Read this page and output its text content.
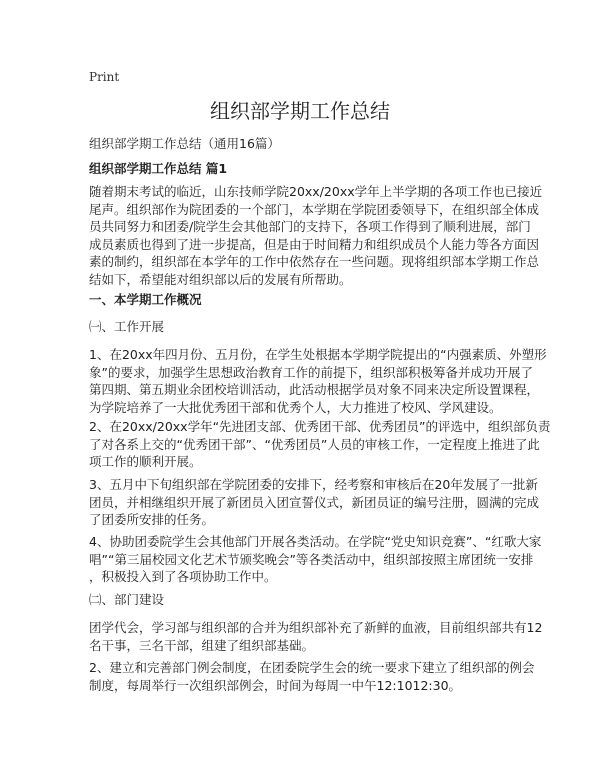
Print
组织部学期工作总结
组织部学期工作总结（通用16篇）
组织部学期工作总结 篇1
随着期末考试的临近，山东技师学院20xx/20xx学年上半学期的各项工作也已接近
尾声。组织部作为院团委的一个部门，本学期在学院团委领导下，在组织部全体成
员共同努力和团委/院学生会其他部门的支持下，各项工作得到了顺利进展，部门
成员素质也得到了进一步提高，但是由于时间精力和组织成员个人能力等各方面因
素的制约，组织部在本学年的工作中依然存在一些问题。现将组织部本学期工作总
结如下，希望能对组织部以后的发展有所帮助。
一、本学期工作概况
㈠、工作开展
1、在20xx年四月份、五月份，在学生处根据本学期学院提出的“内强素质、外塑形
象”的要求，加强学生思想政治教育工作的前提下，组织部积极筹备并成功开展了
第四期、第五期业余团校培训活动，此活动根据学员对象不同来决定所设置课程，
为学院培养了一大批优秀团干部和优秀个人，大力推进了校风、学风建设。
2、在20xx/20xx学年“先进团支部、优秀团干部、优秀团员”的评选中，组织部负责
了对各系上交的“优秀团干部”、“优秀团员”人员的审核工作，一定程度上推进了此
项工作的顺利开展。
3、五月中下旬组织部在学院团委的安排下，经考察和审核后在20年发展了一批新
团员，并相继组织开展了新团员入团宣誓仪式，新团员证的编号注册，圆满的完成
了团委所安排的任务。
4、协助团委院学生会其他部门开展各类活动。在学院“党史知识竞赛”、“红歌大家
唱”“第三届校园文化艺术节颁奖晚会”等各类活动中，组织部按照主席团统一安排
，积极投入到了各项协助工作中。
㈡、部门建设
团学代会，学习部与组织部的合并为组织部补充了新鲜的血液，目前组织部共有12
名干事，三名干部，组建了组织部基础。
2、建立和完善部门例会制度，在团委院学生会的统一要求下建立了组织部的例会
制度，每周举行一次组织部例会，时间为每周一中午12:1012:30。
